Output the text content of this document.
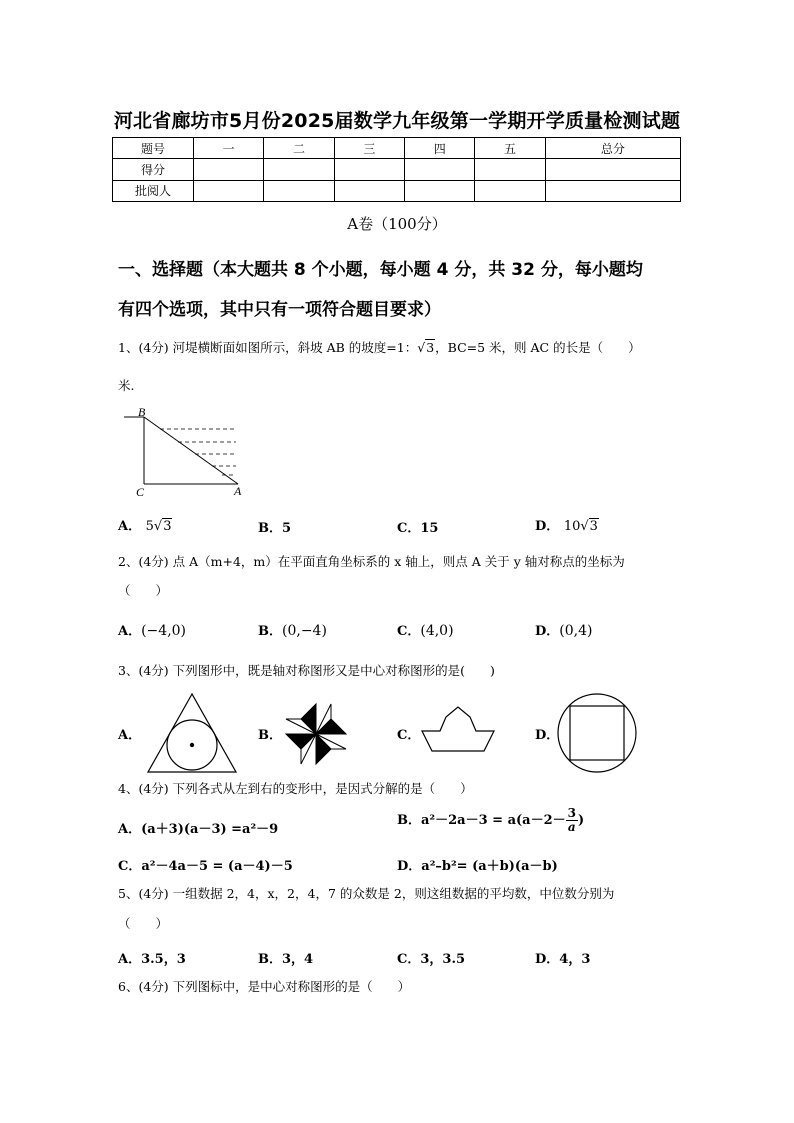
河北省廊坊市5月份2025届数学九年级第一学期开学质量检测试题
题号	一	二	三	四	五	总分
得分						
批阅人						
A卷（100分）
一、选择题（本大题共 8 个小题，每小题 4 分，共 32 分，每小题均
有四个选项，其中只有一项符合题目要求）
1、(4分) 河堤横断面如图所示，斜坡 AB 的坡度=1：√3，BC=5 米，则 AC 的长是（　　）
米.
B
C	A
A． 5√3	B．5	C．15	D． 10√3
2、(4分) 点 A（m+4，m）在平面直角坐标系的 x 轴上，则点 A 关于 y 轴对称点的坐标为
（　　）
A．(−4,0)	B．(0,−4)	C．(4,0)	D．(0,4)
3、(4分) 下列图形中，既是轴对称图形又是中心对称图形的是(　　)
A．	B．	C．	D．
4、(4分) 下列各式从左到右的变形中，是因式分解的是（　　）
A．(a＋3)(a－3) =a²－9
B．$a^2-2a-3 = a(a-2- \frac{3}{a})$
C．a²－4a－5 = (a－4)－5	D．a²–b²= (a＋b)(a－b)
5、(4分) 一组数据 2，4，x，2，4，7 的众数是 2，则这组数据的平均数，中位数分别为
（　　）
A．3.5，3	B．3，4	C．3，3.5	D．4，3
6、(4分) 下列图标中，是中心对称图形的是（　　）
